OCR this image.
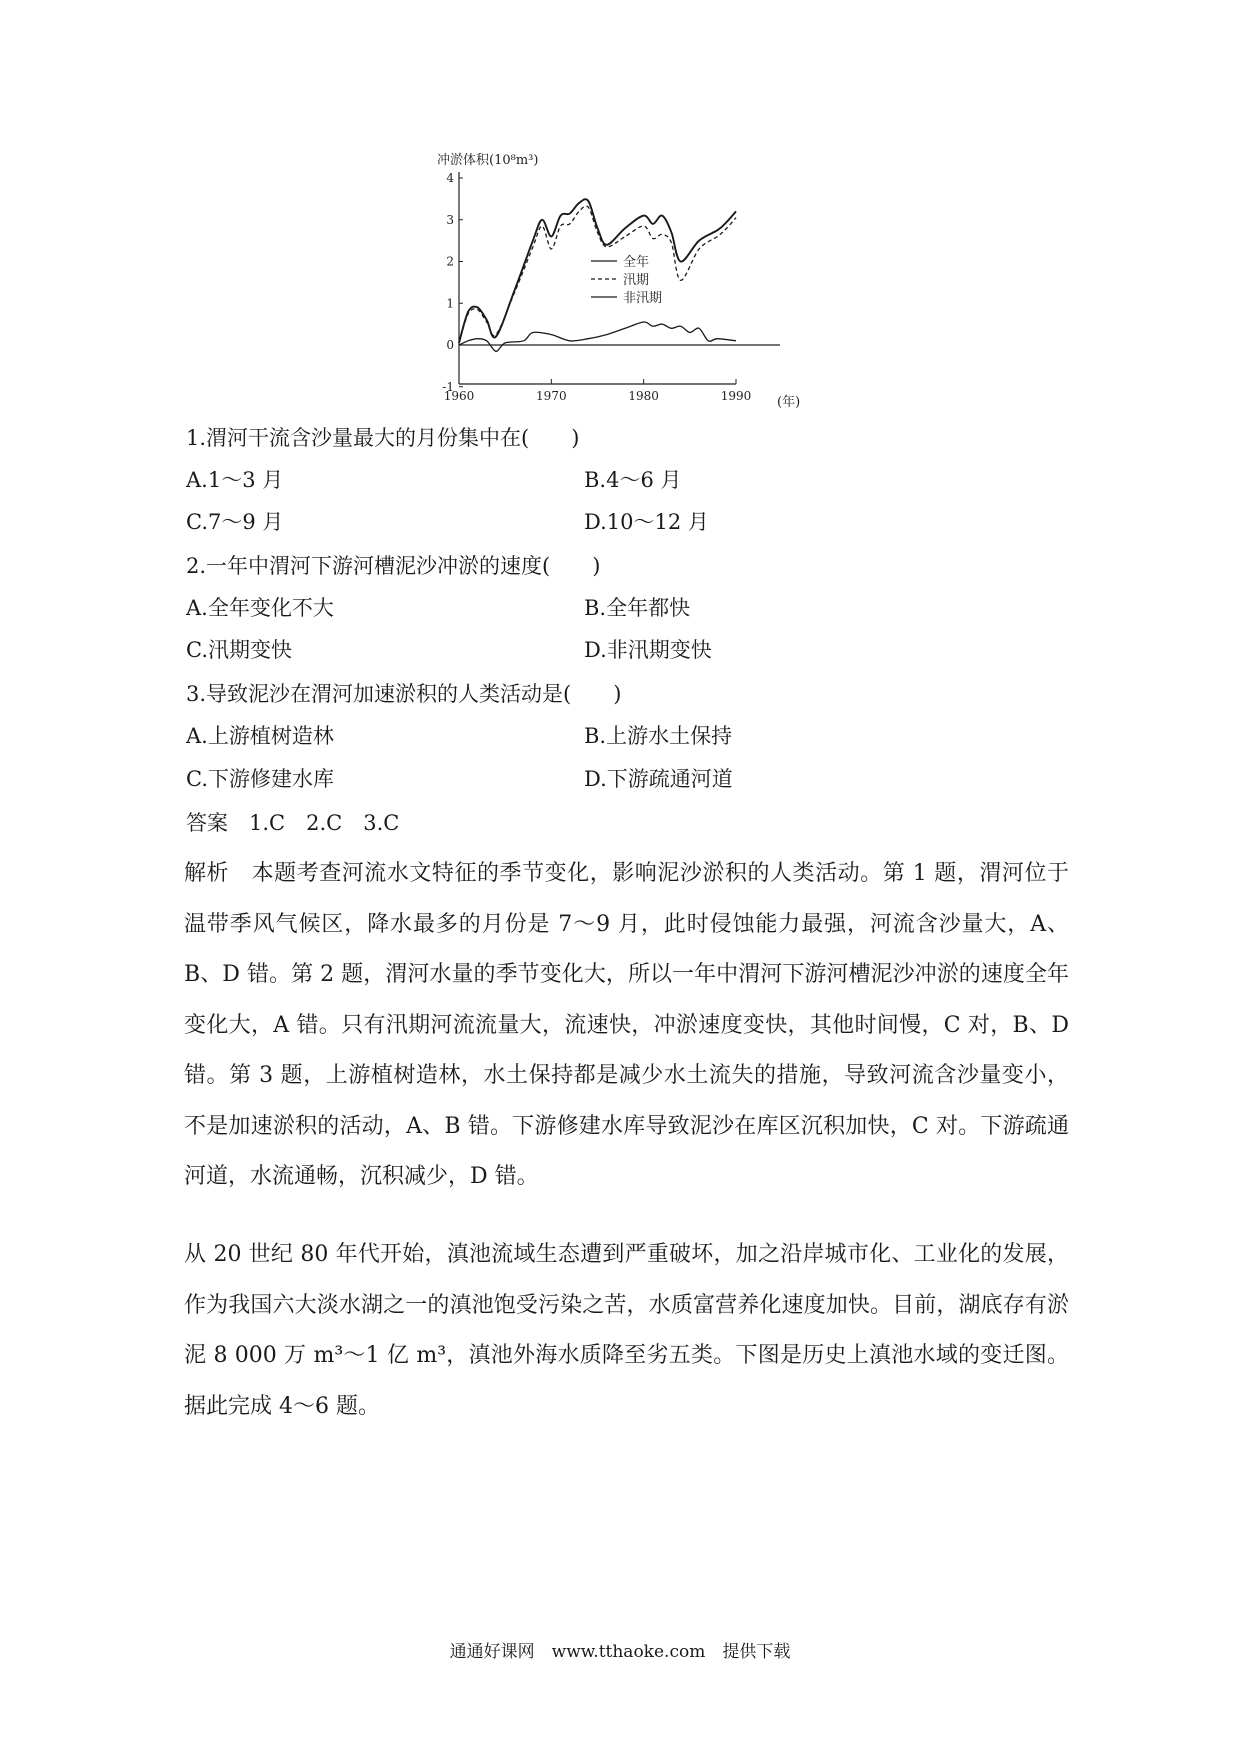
冲淤体积(10⁸m³)
-1
0
1
2
3
4
1960	1970	1980	1990
全年
汛期
非汛期
(年)
1.渭河干流含沙量最大的月份集中在(　　)
A.1～3 月	B.4～6 月
C.7～9 月	D.10～12 月
2.一年中渭河下游河槽泥沙冲淤的速度(　　)
A.全年变化不大	B.全年都快
C.汛期变快	D.非汛期变快
3.导致泥沙在渭河加速淤积的人类活动是(　　)
A.上游植树造林	B.上游水土保持
C.下游修建水库	D.下游疏通河道
答案　1.C　2.C　3.C
解析　本题考查河流水文特征的季节变化，影响泥沙淤积的人类活动。第 1 题，渭河位于温带季风气候区，降水最多的月份是 7～9 月，此时侵蚀能力最强，河流含沙量大，A、B、D 错。第 2 题，渭河水量的季节变化大，所以一年中渭河下游河槽泥沙冲淤的速度全年变化大，A 错。只有汛期河流流量大，流速快，冲淤速度变快，其他时间慢，C 对，B、D 错。第 3 题，上游植树造林，水土保持都是减少水土流失的措施，导致河流含沙量变小，不是加速淤积的活动，A、B 错。下游修建水库导致泥沙在库区沉积加快，C 对。下游疏通河道，水流通畅，沉积减少，D 错。
从 20 世纪 80 年代开始，滇池流域生态遭到严重破坏，加之沿岸城市化、工业化的发展，作为我国六大淡水湖之一的滇池饱受污染之苦，水质富营养化速度加快。目前，湖底存有淤泥 8 000 万 m³～1 亿 m³，滇池外海水质降至劣五类。下图是历史上滇池水域的变迁图。据此完成 4～6 题。
通通好课网　www.tthaoke.com　提供下载
